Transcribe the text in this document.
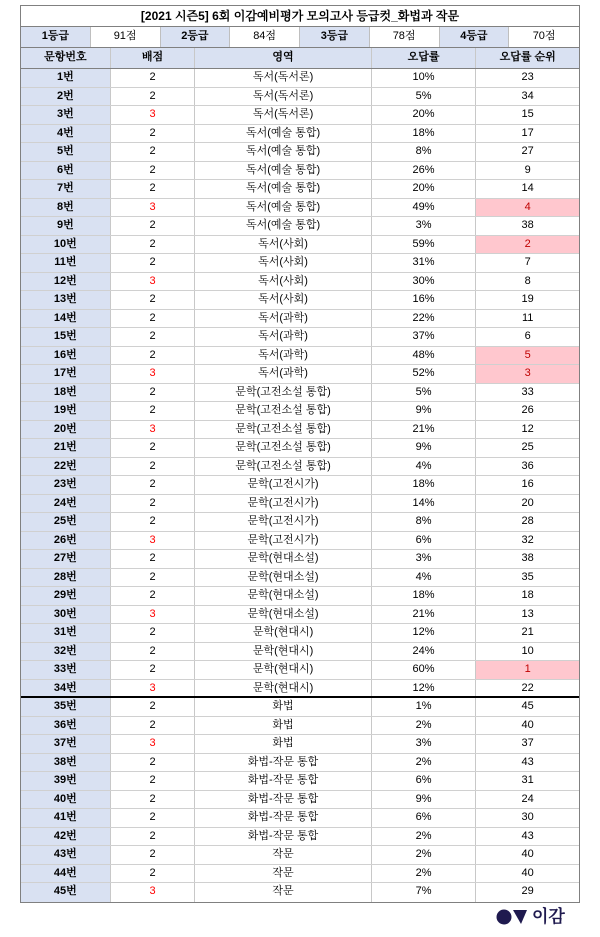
[2021 시즌5] 6회 이감예비평가 모의고사 등급컷_화법과 작문
1등급	91점	2등급	84점	3등급	78점	4등급	70점
문항번호	배점	영역	오답률	오답률 순위
1번	2	독서(독서론)	10%	23
2번	2	독서(독서론)	5%	34
3번	3	독서(독서론)	20%	15
4번	2	독서(예술 통합)	18%	17
5번	2	독서(예술 통합)	8%	27
6번	2	독서(예술 통합)	26%	9
7번	2	독서(예술 통합)	20%	14
8번	3	독서(예술 통합)	49%	4
9번	2	독서(예술 통합)	3%	38
10번	2	독서(사회)	59%	2
11번	2	독서(사회)	31%	7
12번	3	독서(사회)	30%	8
13번	2	독서(사회)	16%	19
14번	2	독서(과학)	22%	11
15번	2	독서(과학)	37%	6
16번	2	독서(과학)	48%	5
17번	3	독서(과학)	52%	3
18번	2	문학(고전소설 통합)	5%	33
19번	2	문학(고전소설 통합)	9%	26
20번	3	문학(고전소설 통합)	21%	12
21번	2	문학(고전소설 통합)	9%	25
22번	2	문학(고전소설 통합)	4%	36
23번	2	문학(고전시가)	18%	16
24번	2	문학(고전시가)	14%	20
25번	2	문학(고전시가)	8%	28
26번	3	문학(고전시가)	6%	32
27번	2	문학(현대소설)	3%	38
28번	2	문학(현대소설)	4%	35
29번	2	문학(현대소설)	18%	18
30번	3	문학(현대소설)	21%	13
31번	2	문학(현대시)	12%	21
32번	2	문학(현대시)	24%	10
33번	2	문학(현대시)	60%	1
34번	3	문학(현대시)	12%	22
35번	2	화법	1%	45
36번	2	화법	2%	40
37번	3	화법	3%	37
38번	2	화법-작문 통합	2%	43
39번	2	화법-작문 통합	6%	31
40번	2	화법-작문 통합	9%	24
41번	2	화법-작문 통합	6%	30
42번	2	화법-작문 통합	2%	43
43번	2	작문	2%	40
44번	2	작문	2%	40
45번	3	작문	7%	29
이감
